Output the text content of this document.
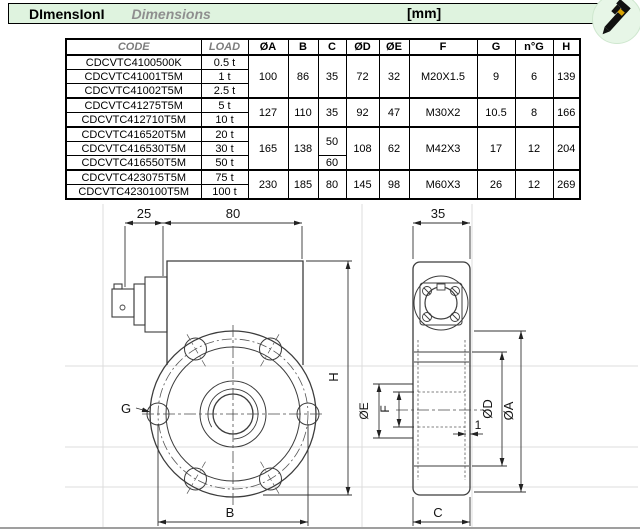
DImensIonI Dimensions	[mm]
CODE	LOAD	ØA	B	C	ØD	ØE	F	G	n°G	H
CDCVTC4100500K	0.5 t	100	86	35	72	32	M20X1.5	9	6	139
CDCVTC41001T5M	1 t									
CDCVTC41002T5M	2.5 t									
CDCVTC41275T5M	5 t	127	110	35	92	47	M30X2	10.5	8	166
CDCVTC412710T5M	10 t									
CDCVTC416520T5M	20 t	165	138	50	108	62	M42X3	17	12	204
CDCVTC416530T5M	30 t									
CDCVTC416550T5M	50 t			60						
CDCVTC423075T5M	75 t	230	185	80	145	98	M60X3	26	12	269
CDCVTC4230100T5M	100 t									
25	80
H
B
G
35
ØE F
1
ØD ØA
C
